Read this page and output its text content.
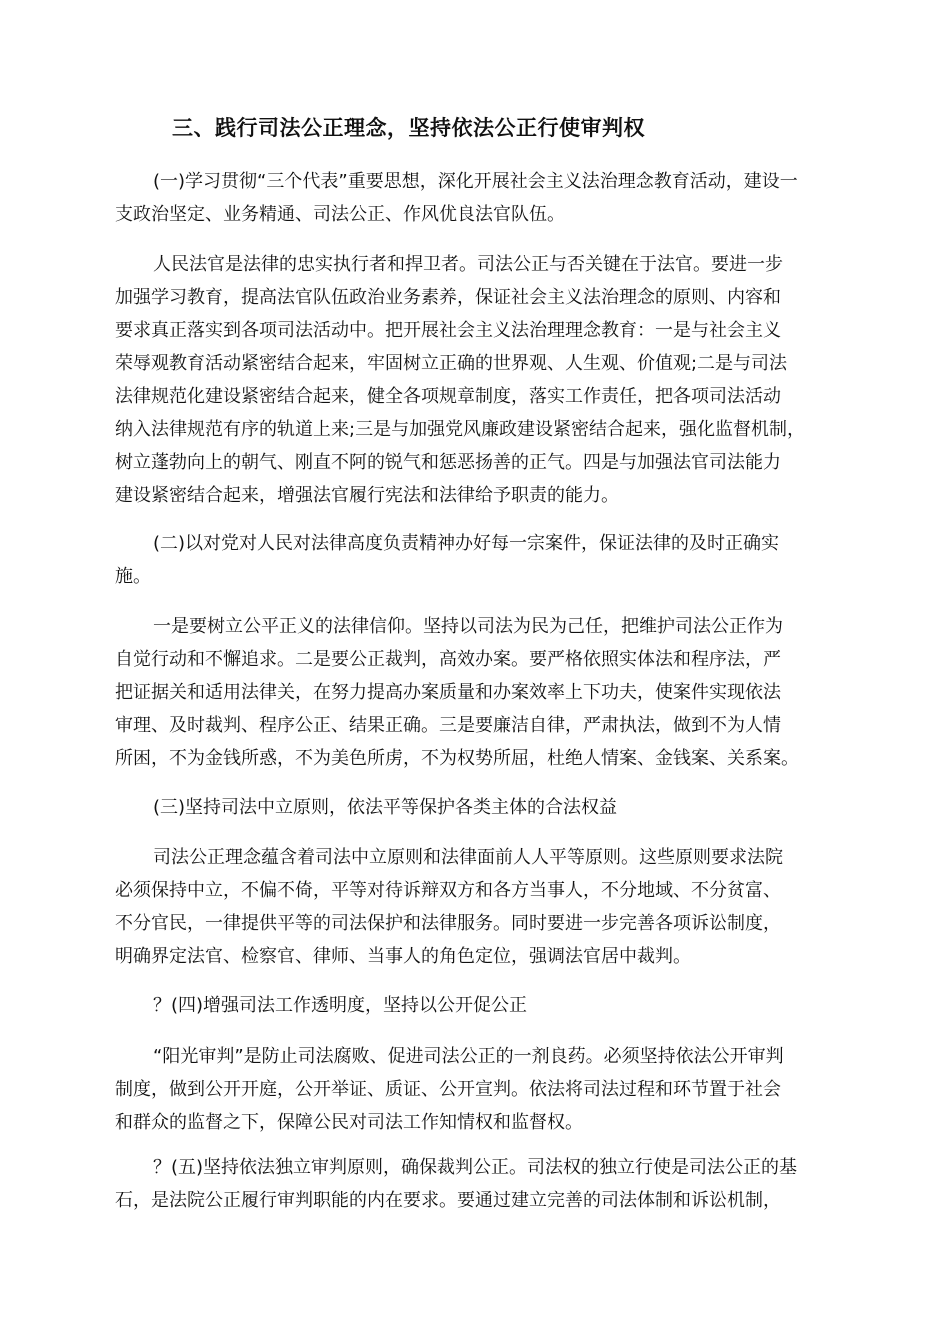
三、践行司法公正理念，坚持依法公正行使审判权
(一)学习贯彻“三个代表”重要思想，深化开展社会主义法治理念教育活动，建设一
支政治坚定、业务精通、司法公正、作风优良法官队伍。
人民法官是法律的忠实执行者和捍卫者。司法公正与否关键在于法官。要进一步
加强学习教育，提高法官队伍政治业务素养，保证社会主义法治理念的原则、内容和
要求真正落实到各项司法活动中。把开展社会主义法治理理念教育：一是与社会主义
荣辱观教育活动紧密结合起来，牢固树立正确的世界观、人生观、价值观;二是与司法
法律规范化建设紧密结合起来，健全各项规章制度，落实工作责任，把各项司法活动
纳入法律规范有序的轨道上来;三是与加强党风廉政建设紧密结合起来，强化监督机制，
树立蓬勃向上的朝气、刚直不阿的锐气和惩恶扬善的正气。四是与加强法官司法能力
建设紧密结合起来，增强法官履行宪法和法律给予职责的能力。
(二)以对党对人民对法律高度负责精神办好每一宗案件，保证法律的及时正确实
施。
一是要树立公平正义的法律信仰。坚持以司法为民为己任，把维护司法公正作为
自觉行动和不懈追求。二是要公正裁判，高效办案。要严格依照实体法和程序法，严
把证据关和适用法律关，在努力提高办案质量和办案效率上下功夫，使案件实现依法
审理、及时裁判、程序公正、结果正确。三是要廉洁自律，严肃执法，做到不为人情
所困，不为金钱所惑，不为美色所虏，不为权势所屈，杜绝人情案、金钱案、关系案。
(三)坚持司法中立原则，依法平等保护各类主体的合法权益
司法公正理念蕴含着司法中立原则和法律面前人人平等原则。这些原则要求法院
必须保持中立，不偏不倚，平等对待诉辩双方和各方当事人，不分地域、不分贫富、
不分官民，一律提供平等的司法保护和法律服务。同时要进一步完善各项诉讼制度，
明确界定法官、检察官、律师、当事人的角色定位，强调法官居中裁判。
？(四)增强司法工作透明度，坚持以公开促公正
“阳光审判”是防止司法腐败、促进司法公正的一剂良药。必须坚持依法公开审判
制度，做到公开开庭，公开举证、质证、公开宣判。依法将司法过程和环节置于社会
和群众的监督之下，保障公民对司法工作知情权和监督权。
？(五)坚持依法独立审判原则，确保裁判公正。司法权的独立行使是司法公正的基
石，是法院公正履行审判职能的内在要求。要通过建立完善的司法体制和诉讼机制，
